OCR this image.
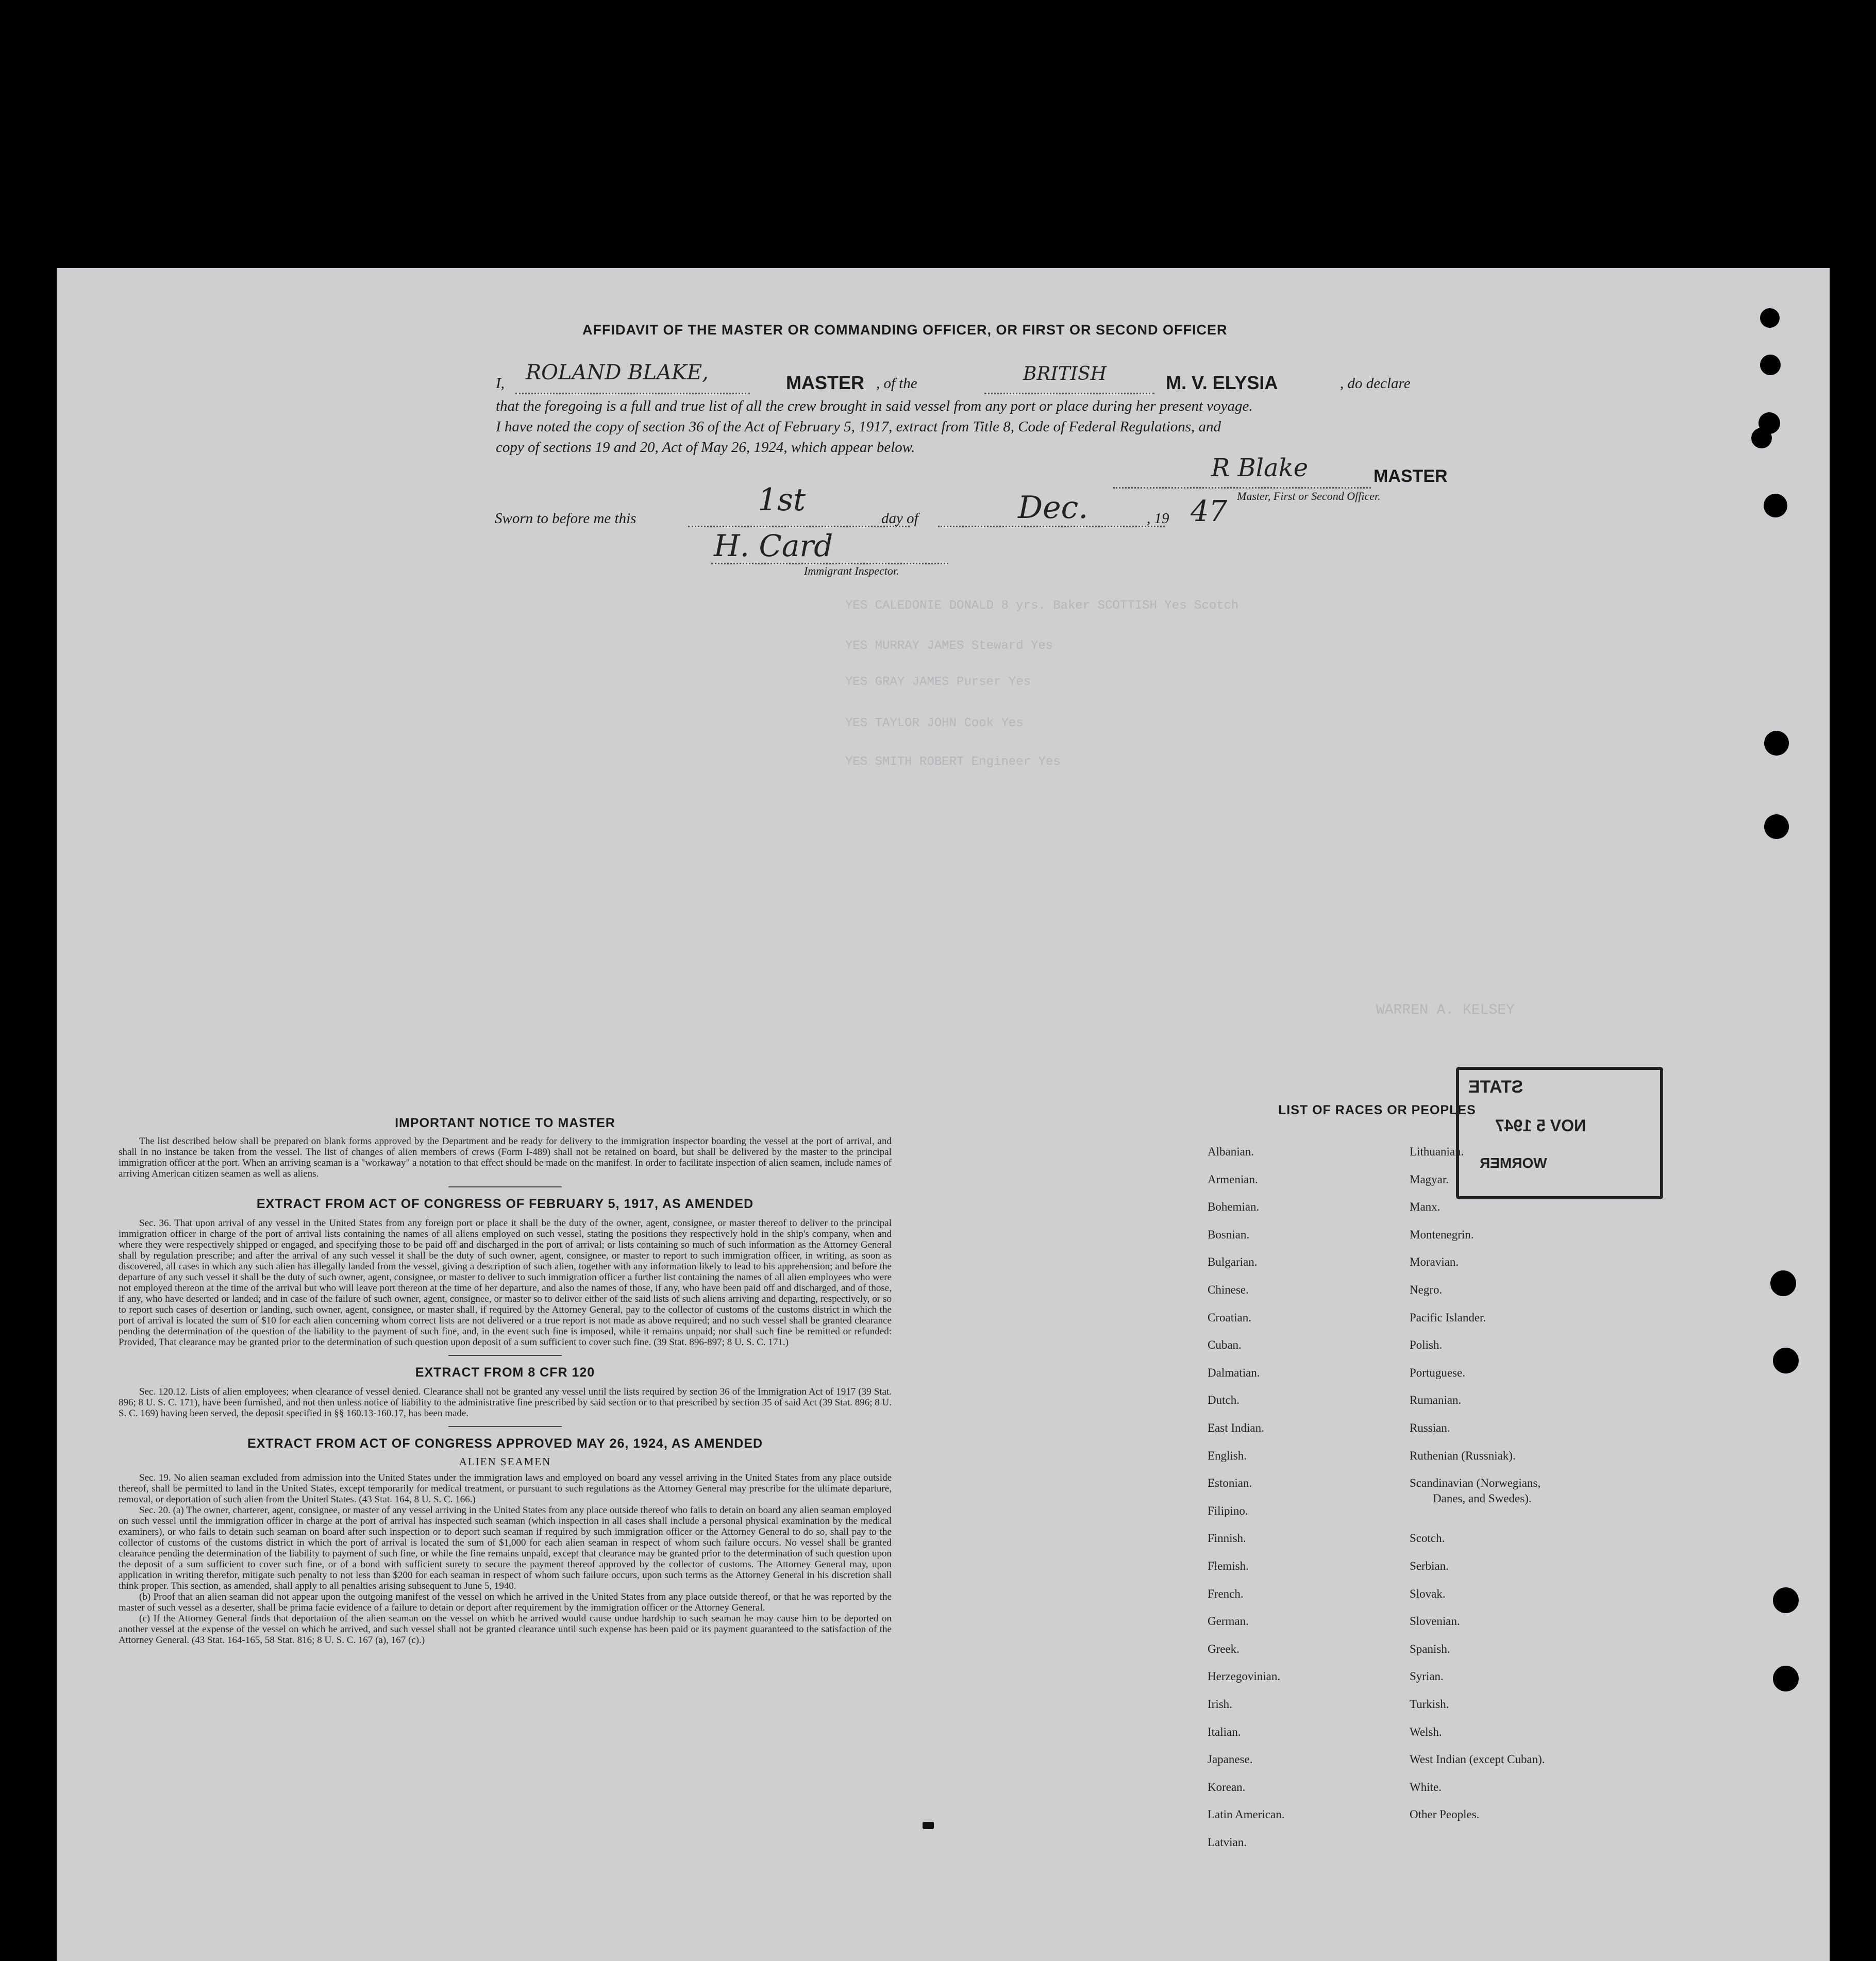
YES CALEDONIE DONALD 8 yrs. Baker SCOTTISH Yes Scotch
YES MURRAY JAMES Steward Yes
YES GRAY JAMES Purser Yes
YES TAYLOR JOHN Cook Yes
YES SMITH ROBERT Engineer Yes
WARREN A. KELSEY
AFFIDAVIT OF THE MASTER OR COMMANDING OFFICER, OR FIRST OR SECOND OFFICER
I, ROLAND BLAKE,	MASTER , of the	BRITISH	M. V. ELYSIA	, do declare
that the foregoing is a full and true list of all the crew brought in said vessel from any port or place during her present voyage.
I have noted the copy of section 36 of the Act of February 5, 1917, extract from Title 8, Code of Federal Regulations, and
copy of sections 19 and 20, Act of May 26, 1924, which appear below.
R Blake	MASTER
Master, First or Second Officer.
Sworn to before me this
1st
day of	Dec.	, 19 47
H. Card
Immigrant Inspector.
IMPORTANT NOTICE TO MASTER
The list described below shall be prepared on blank forms approved by the Department and be ready for delivery to the immigration inspector boarding the vessel at the port of arrival, and shall in no instance be taken from the vessel. The list of changes of alien members of crews (Form I-489) shall not be retained on board, but shall be delivered by the master to the principal immigration officer at the port. When an arriving seaman is a "workaway" a notation to that effect should be made on the manifest. In order to facilitate inspection of alien seamen, include names of arriving American citizen seamen as well as aliens.
EXTRACT FROM ACT OF CONGRESS OF FEBRUARY 5, 1917, AS AMENDED
Sec. 36. That upon arrival of any vessel in the United States from any foreign port or place it shall be the duty of the owner, agent, consignee, or master thereof to deliver to the principal immigration officer in charge of the port of arrival lists containing the names of all aliens employed on such vessel, stating the positions they respectively hold in the ship's company, when and where they were respectively shipped or engaged, and specifying those to be paid off and discharged in the port of arrival; or lists containing so much of such information as the Attorney General shall by regulation prescribe; and after the arrival of any such vessel it shall be the duty of such owner, agent, consignee, or master to report to such immigration officer, in writing, as soon as discovered, all cases in which any such alien has illegally landed from the vessel, giving a description of such alien, together with any information likely to lead to his apprehension; and before the departure of any such vessel it shall be the duty of such owner, agent, consignee, or master to deliver to such immigration officer a further list containing the names of all alien employees who were not employed thereon at the time of the arrival but who will leave port thereon at the time of her departure, and also the names of those, if any, who have been paid off and discharged, and of those, if any, who have deserted or landed; and in case of the failure of such owner, agent, consignee, or master so to deliver either of the said lists of such aliens arriving and departing, respectively, or so to report such cases of desertion or landing, such owner, agent, consignee, or master shall, if required by the Attorney General, pay to the collector of customs of the customs district in which the port of arrival is located the sum of $10 for each alien concerning whom correct lists are not delivered or a true report is not made as above required; and no such vessel shall be granted clearance pending the determination of the question of the liability to the payment of such fine, and, in the event such fine is imposed, while it remains unpaid; nor shall such fine be remitted or refunded: Provided, That clearance may be granted prior to the determination of such question upon deposit of a sum sufficient to cover such fine. (39 Stat. 896-897; 8 U. S. C. 171.)
EXTRACT FROM 8 CFR 120
Sec. 120.12. Lists of alien employees; when clearance of vessel denied. Clearance shall not be granted any vessel until the lists required by section 36 of the Immigration Act of 1917 (39 Stat. 896; 8 U. S. C. 171), have been furnished, and not then unless notice of liability to the administrative fine prescribed by said section or to that prescribed by section 35 of said Act (39 Stat. 896; 8 U. S. C. 169) having been served, the deposit specified in §§ 160.13-160.17, has been made.
EXTRACT FROM ACT OF CONGRESS APPROVED MAY 26, 1924, AS AMENDED
ALIEN SEAMEN
Sec. 19. No alien seaman excluded from admission into the United States under the immigration laws and employed on board any vessel arriving in the United States from any place outside thereof, shall be permitted to land in the United States, except temporarily for medical treatment, or pursuant to such regulations as the Attorney General may prescribe for the ultimate departure, removal, or deportation of such alien from the United States. (43 Stat. 164, 8 U. S. C. 166.)
Sec. 20. (a) The owner, charterer, agent, consignee, or master of any vessel arriving in the United States from any place outside thereof who fails to detain on board any alien seaman employed on such vessel until the immigration officer in charge at the port of arrival has inspected such seaman (which inspection in all cases shall include a personal physical examination by the medical examiners), or who fails to detain such seaman on board after such inspection or to deport such seaman if required by such immigration officer or the Attorney General to do so, shall pay to the collector of customs of the customs district in which the port of arrival is located the sum of $1,000 for each alien seaman in respect of whom such failure occurs. No vessel shall be granted clearance pending the determination of the liability to payment of such fine, or while the fine remains unpaid, except that clearance may be granted prior to the determination of such question upon the deposit of a sum sufficient to cover such fine, or of a bond with sufficient surety to secure the payment thereof approved by the collector of customs. The Attorney General may, upon application in writing therefor, mitigate such penalty to not less than $200 for each seaman in respect of whom such failure occurs, upon such terms as the Attorney General in his discretion shall think proper. This section, as amended, shall apply to all penalties arising subsequent to June 5, 1940.
(b) Proof that an alien seaman did not appear upon the outgoing manifest of the vessel on which he arrived in the United States from any place outside thereof, or that he was reported by the master of such vessel as a deserter, shall be prima facie evidence of a failure to detain or deport after requirement by the immigration officer or the Attorney General.
(c) If the Attorney General finds that deportation of the alien seaman on the vessel on which he arrived would cause undue hardship to such seaman he may cause him to be deported on another vessel at the expense of the vessel on which he arrived, and such vessel shall not be granted clearance until such expense has been paid or its payment guaranteed to the satisfaction of the Attorney General. (43 Stat. 164-165, 58 Stat. 816; 8 U. S. C. 167 (a), 167 (c).)
LIST OF RACES OR PEOPLES
Albanian.
Armenian.
Bohemian.
Bosnian.
Bulgarian.
Chinese.
Croatian.
Cuban.
Dalmatian.
Dutch.
East Indian.
English.
Estonian.
Filipino.
Finnish.
Flemish.
French.
German.
Greek.
Herzegovinian.
Irish.
Italian.
Japanese.
Korean.
Latin American.
Latvian.
Lithuanian.
Magyar.
Manx.
Montenegrin.
Moravian.
Negro.
Pacific Islander.
Polish.
Portuguese.
Rumanian.
Russian.
Ruthenian (Russniak).
Scandinavian (Norwegians,
Danes, and Swedes).
Scotch.
Serbian.
Slovak.
Slovenian.
Spanish.
Syrian.
Turkish.
Welsh.
West Indian (except Cuban).
White.
Other Peoples.
STATE
NOV 5 1947
WORMER
